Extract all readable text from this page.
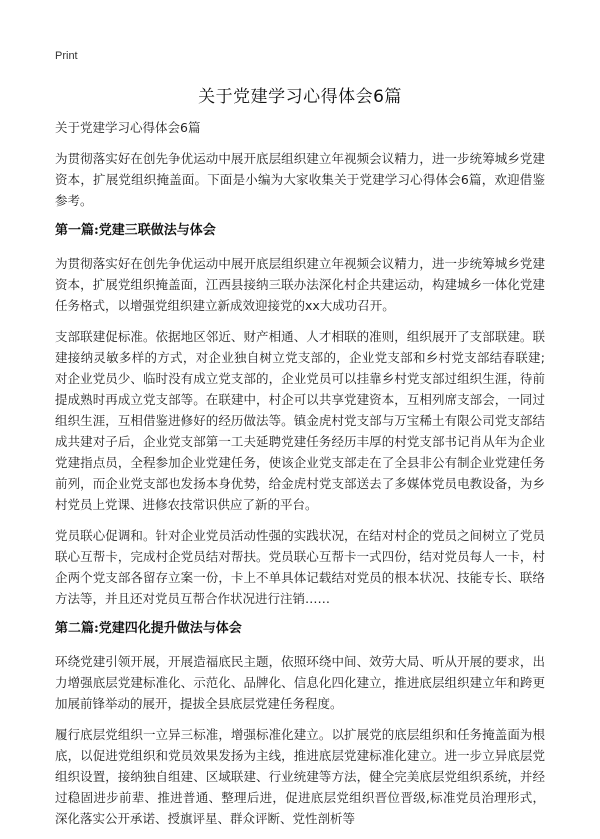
Print
关于党建学习心得体会6篇
关于党建学习心得体会6篇

为贯彻落实好在创先争优运动中展开底层组织建立年视频会议精力，进一步统筹城乡党建资本，扩展党组织掩盖面。下面是小编为大家收集关于党建学习心得体会6篇，欢迎借鉴参考。

第一篇:党建三联做法与体会

为贯彻落实好在创先争优运动中展开底层组织建立年视频会议精力，进一步统筹城乡党建资本，扩展党组织掩盖面，江西县接纳三联办法深化村企共建运动，构建城乡一体化党建任务格式，以增强党组织建立新成效迎接党的xx大成功召开。

支部联建促标准。依据地区邻近、财产相通、人才相联的准则，组织展开了支部联建。联建接纳灵敏多样的方式，对企业独自树立党支部的，企业党支部和乡村党支部结春联建;对企业党员少、临时没有成立党支部的，企业党员可以挂靠乡村党支部过组织生涯，待前提成熟时再成立党支部等。在联建中，村企可以共享党建资本，互相列席支部会，一同过组织生涯，互相借鉴进修好的经历做法等。镇金虎村党支部与万宝稀土有限公司党支部结成共建对子后，企业党支部第一工夫延聘党建任务经历丰厚的村党支部书记肖从年为企业党建指点员，全程参加企业党建任务，使该企业党支部走在了全县非公有制企业党建任务前列，而企业党支部也发扬本身优势，给金虎村党支部送去了多媒体党员电教设备，为乡村党员上党课、进修农技常识供应了新的平台。

党员联心促调和。针对企业党员活动性强的实践状况，在结对村企的党员之间树立了党员联心互帮卡，完成村企党员结对帮扶。党员联心互帮卡一式四份，结对党员每人一卡，村企两个党支部各留存立案一份，卡上不单具体记载结对党员的根本状况、技能专长、联络方法等，并且还对党员互帮合作状况进行注销……

第二篇:党建四化提升做法与体会

环绕党建引领开展，开展造福底民主题，依照环绕中间、效劳大局、听从开展的要求，出力增强底层党建标准化、示范化、品牌化、信息化四化建立，推进底层组织建立年和跨更加展前锋举动的展开，提拔全县底层党建任务程度。

履行底层党组织一立异三标准，增强标准化建立。以扩展党的底层组织和任务掩盖面为根底，以促进党组织和党员效果发扬为主线，推进底层党建标准化建立。进一步立异底层党组织设置，接纳独自组建、区域联建、行业统建等方法，健全完美底层党组织系统，并经过稳固进步前辈、推进普通、整理后进，促进底层党组织晋位晋级,标准党员治理形式，深化落实公开承诺、授旗评星、群众评断、党性剖析等
